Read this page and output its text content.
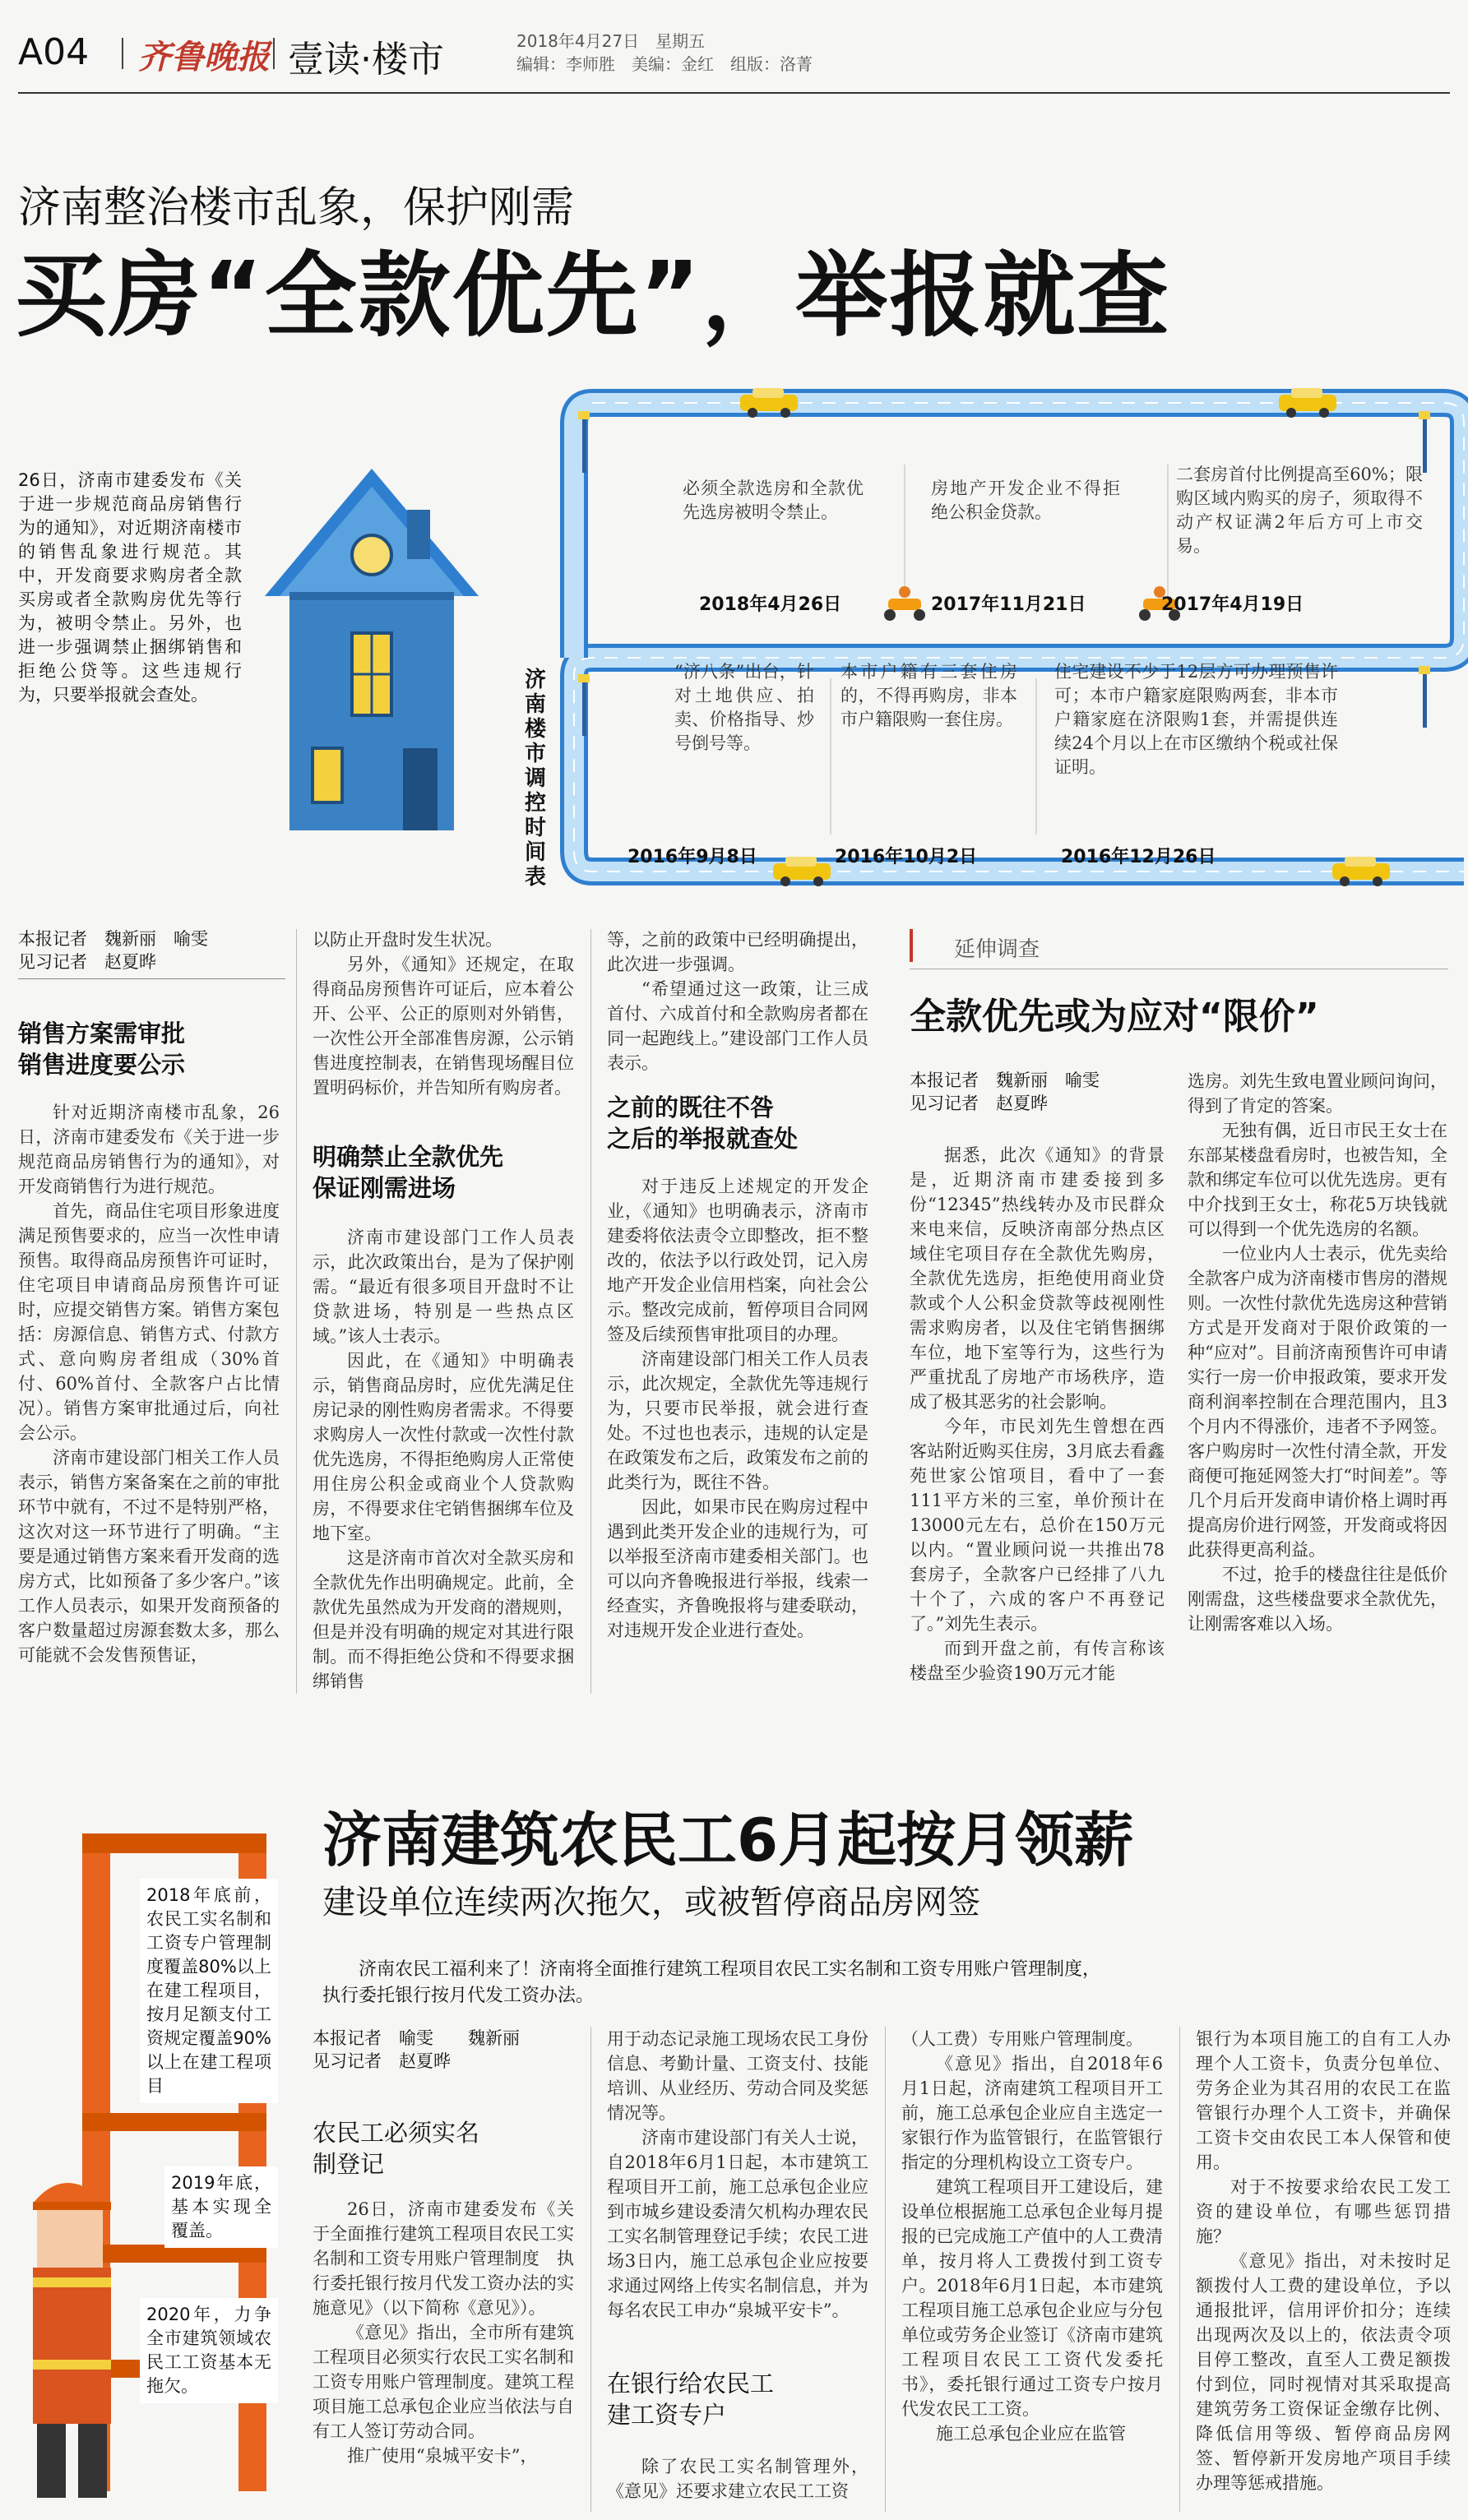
A04 齐鲁晚报 壹读·楼市	2018年4月27日　星期五
编辑：李师胜　美编：金红　组版：洛菁
济南整治楼市乱象，保护刚需
买房“全款优先”，举报就查
26日，济南市建委发布《关于进一步规范商品房销售行为的通知》，对近期济南楼市的销售乱象进行规范。其中，开发商要求购房者全款买房或者全款购房优先等行为，被明令禁止。另外，也进一步强调禁止捆绑销售和拒绝公贷等。这些违规行为，只要举报就会查处。
济南楼市调控时间表
必须全款选房和全款优先选房被明令禁止。
2018年4月26日
房地产开发企业不得拒绝公积金贷款。
2017年11月21日
二套房首付比例提高至60%；限购区域内购买的房子，须取得不动产权证满2年后方可上市交易。
2017年4月19日
“济八条”出台，针对土地供应、拍卖、价格指导、炒号倒号等。
2016年9月8日
本市户籍有三套住房的，不得再购房，非本市户籍限购一套住房。
2016年10月2日
住宅建设不少于12层方可办理预售许可；本市户籍家庭限购两套，非本市户籍家庭在济限购1套，并需提供连续24个月以上在市区缴纳个税或社保证明。
2016年12月26日
本报记者　魏新丽　喻雯
见习记者　赵夏晔
销售方案需审批
销售进度要公示

针对近期济南楼市乱象，26日，济南市建委发布《关于进一步规范商品房销售行为的通知》，对开发商销售行为进行规范。

首先，商品住宅项目形象进度满足预售要求的，应当一次性申请预售。取得商品房预售许可证时，住宅项目申请商品房预售许可证时，应提交销售方案。销售方案包括：房源信息、销售方式、付款方式、意向购房者组成（30%首付、60%首付、全款客户占比情况）。销售方案审批通过后，向社会公示。

济南市建设部门相关工作人员表示，销售方案备案在之前的审批环节中就有，不过不是特别严格，这次对这一环节进行了明确。“主要是通过销售方案来看开发商的选房方式，比如预备了多少客户。”该工作人员表示，如果开发商预备的客户数量超过房源套数太多，那么可能就不会发售预售证，

以防止开盘时发生状况。

另外，《通知》还规定，在取得商品房预售许可证后，应本着公开、公平、公正的原则对外销售，一次性公开全部准售房源，公示销售进度控制表，在销售现场醒目位置明码标价，并告知所有购房者。

明确禁止全款优先
保证刚需进场

济南市建设部门工作人员表示，此次政策出台，是为了保护刚需。“最近有很多项目开盘时不让贷款进场，特别是一些热点区域。”该人士表示。

因此，在《通知》中明确表示，销售商品房时，应优先满足住房记录的刚性购房者需求。不得要求购房人一次性付款或一次性付款优先选房，不得拒绝购房人正常使用住房公积金或商业个人贷款购房，不得要求住宅销售捆绑车位及地下室。

这是济南市首次对全款买房和全款优先作出明确规定。此前，全款优先虽然成为开发商的潜规则，但是并没有明确的规定对其进行限制。而不得拒绝公贷和不得要求捆绑销售

等，之前的政策中已经明确提出，此次进一步强调。

“希望通过这一政策，让三成首付、六成首付和全款购房者都在同一起跑线上。”建设部门工作人员表示。

之前的既往不咎
之后的举报就查处

对于违反上述规定的开发企业，《通知》也明确表示，济南市建委将依法责令立即整改，拒不整改的，依法予以行政处罚，记入房地产开发企业信用档案，向社会公示。整改完成前，暂停项目合同网签及后续预售审批项目的办理。

济南建设部门相关工作人员表示，此次规定，全款优先等违规行为，只要市民举报，就会进行查处。不过也也表示，违规的认定是在政策发布之后，政策发布之前的此类行为，既往不咎。

因此，如果市民在购房过程中遇到此类开发企业的违规行为，可以举报至济南市建委相关部门。也可以向齐鲁晚报进行举报，线索一经查实，齐鲁晚报将与建委联动，对违规开发企业进行查处。

延伸调查
全款优先或为应对“限价”
本报记者　魏新丽　喻雯
见习记者　赵夏晔

据悉，此次《通知》的背景是，近期济南市建委接到多份“12345”热线转办及市民群众来电来信，反映济南部分热点区域住宅项目存在全款优先购房，全款优先选房，拒绝使用商业贷款或个人公积金贷款等歧视刚性需求购房者，以及住宅销售捆绑车位，地下室等行为，这些行为严重扰乱了房地产市场秩序，造成了极其恶劣的社会影响。

今年，市民刘先生曾想在西客站附近购买住房，3月底去看鑫苑世家公馆项目，看中了一套111平方米的三室，单价预计在13000元左右，总价在150万元以内。“置业顾问说一共推出78套房子，全款客户已经排了八九十个了，六成的客户不再登记了。”刘先生表示。

而到开盘之前，有传言称该楼盘至少验资190万元才能

选房。刘先生致电置业顾问询问，得到了肯定的答案。

无独有偶，近日市民王女士在东部某楼盘看房时，也被告知，全款和绑定车位可以优先选房。更有中介找到王女士，称花5万块钱就可以得到一个优先选房的名额。

一位业内人士表示，优先卖给全款客户成为济南楼市售房的潜规则。一次性付款优先选房这种营销方式是开发商对于限价政策的一种“应对”。目前济南预售许可申请实行一房一价申报政策，要求开发商利润率控制在合理范围内，且3个月内不得涨价，违者不予网签。客户购房时一次性付清全款，开发商便可拖延网签大打“时间差”。等几个月后开发商申请价格上调时再提高房价进行网签，开发商或将因此获得更高利益。

不过，抢手的楼盘往往是低价刚需盘，这些楼盘要求全款优先，让刚需客难以入场。

2018年底前，农民工实名制和工资专户管理制度覆盖80%以上在建工程项目，按月足额支付工资规定覆盖90%以上在建工程项目
2019年底，基本实现全覆盖。
2020年，力争全市建筑领域农民工工资基本无拖欠。
济南建筑农民工6月起按月领薪
建设单位连续两次拖欠，或被暂停商品房网签
济南农民工福利来了！济南将全面推行建筑工程项目农民工实名制和工资专用账户管理制度，执行委托银行按月代发工资办法。
本报记者　喻雯　　魏新丽
见习记者　赵夏晔
农民工必须实名
制登记

26日，济南市建委发布《关于全面推行建筑工程项目农民工实名制和工资专用账户管理制度　执行委托银行按月代发工资办法的实施意见》（以下简称《意见》）。

《意见》指出，全市所有建筑工程项目必须实行农民工实名制和工资专用账户管理制度。建筑工程项目施工总承包企业应当依法与自有工人签订劳动合同。

推广使用“泉城平安卡”，

用于动态记录施工现场农民工身份信息、考勤计量、工资支付、技能培训、从业经历、劳动合同及奖惩情况等。

济南市建设部门有关人士说，自2018年6月1日起，本市建筑工程项目开工前，施工总承包企业应到市城乡建设委清欠机构办理农民工实名制管理登记手续；农民工进场3日内，施工总承包企业应按要求通过网络上传实名制信息，并为每名农民工申办“泉城平安卡”。

在银行给农民工
建工资专户

除了农民工实名制管理外，《意见》还要求建立农民工工资

（人工费）专用账户管理制度。

《意见》指出，自2018年6月1日起，济南建筑工程项目开工前，施工总承包企业应自主选定一家银行作为监管银行，在监管银行指定的分理机构设立工资专户。

建筑工程项目开工建设后，建设单位根据施工总承包企业每月提报的已完成施工产值中的人工费清单，按月将人工费拨付到工资专户。2018年6月1日起，本市建筑工程项目施工总承包企业应与分包单位或劳务企业签订《济南市建筑工程项目农民工工资代发委托书》，委托银行通过工资专户按月代发农民工工资。

施工总承包企业应在监管

银行为本项目施工的自有工人办理个人工资卡，负责分包单位、劳务企业为其召用的农民工在监管银行办理个人工资卡，并确保工资卡交由农民工本人保管和使用。

对于不按要求给农民工发工资的建设单位，有哪些惩罚措施？

《意见》指出，对未按时足额拨付人工费的建设单位，予以通报批评，信用评价扣分；连续出现两次及以上的，依法责令项目停工整改，直至人工费足额拨付到位，同时视情对其采取提高建筑劳务工资保证金缴存比例、降低信用等级、暂停商品房网签、暂停新开发房地产项目手续办理等惩戒措施。
